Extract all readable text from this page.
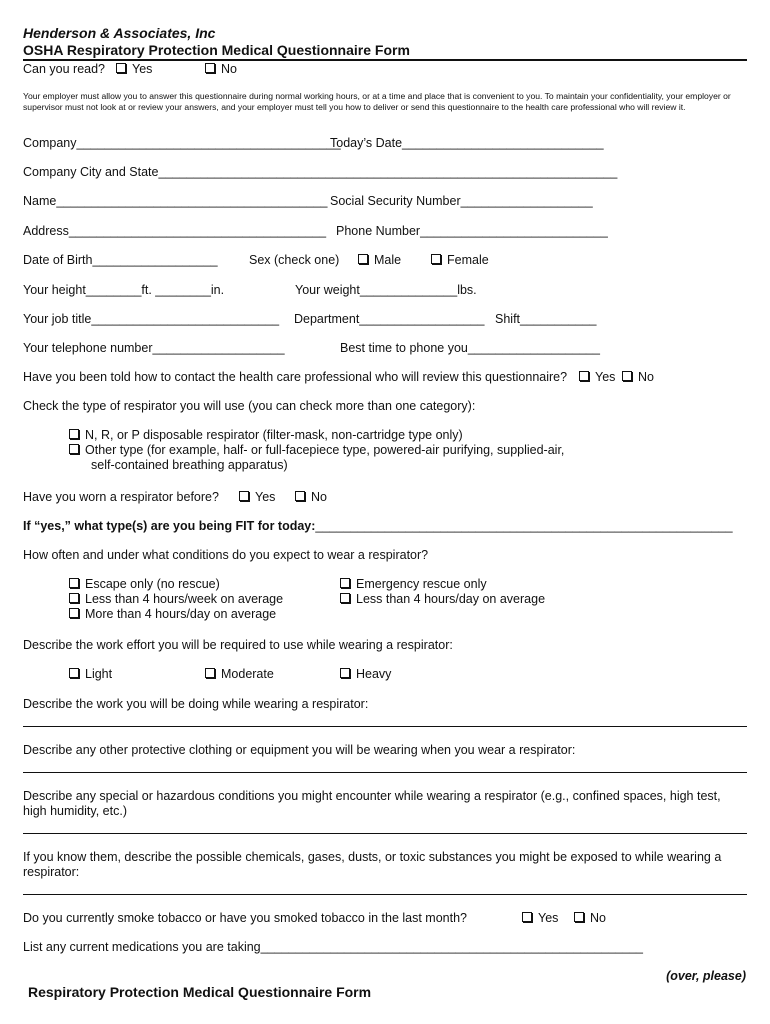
Henderson & Associates, Inc
OSHA Respiratory Protection Medical Questionnaire Form
Can you read?	Yes	No
Your employer must allow you to answer this questionnaire during normal working hours, or at a time and place that is convenient to you. To maintain your confidentiality, your employer or supervisor must not look at or review your answers, and your employer must tell you how to deliver or send this questionnaire to the health care professional who will review it.
Company______________________________________
Today’s Date_____________________________
Company City and State__________________________________________________________________
Name_______________________________________ Social Security Number___________________
Address_____________________________________ Phone Number___________________________
Date of Birth__________________	Sex (check one)	Male	Female
Your height________ft. ________in.	Your weight______________lbs.
Your job title___________________________ Department__________________ Shift___________
Your telephone number___________________	Best time to phone you___________________
Have you been told how to contact the health care professional who will review this questionnaire?	Yes	No
Check the type of respirator you will use (you can check more than one category):
N, R, or P disposable respirator (filter-mask, non-cartridge type only)
Other type (for example, half- or full-facepiece type, powered-air purifying, supplied-air,
self-contained breathing apparatus)
Have you worn a respirator before?	Yes	No
If “yes,” what type(s) are you being FIT for today:____________________________________________________________
How often and under what conditions do you expect to wear a respirator?
Escape only (no rescue)
Less than 4 hours/week on average
More than 4 hours/day on average
Emergency rescue only
Less than 4 hours/day on average
Describe the work effort you will be required to use while wearing a respirator:
Light	Moderate	Heavy
Describe the work you will be doing while wearing a respirator:
Describe any other protective clothing or equipment you will be wearing when you wear a respirator:
Describe any special or hazardous conditions you might encounter while wearing a respirator (e.g., confined spaces, high test,
high humidity, etc.)
If you know them, describe the possible chemicals, gases, dusts, or toxic substances you might be exposed to while wearing a
respirator:
Do you currently smoke tobacco or have you smoked tobacco in the last month?	Yes	No
List any current medications you are taking_______________________________________________________
(over, please)
Respiratory Protection Medical Questionnaire Form
